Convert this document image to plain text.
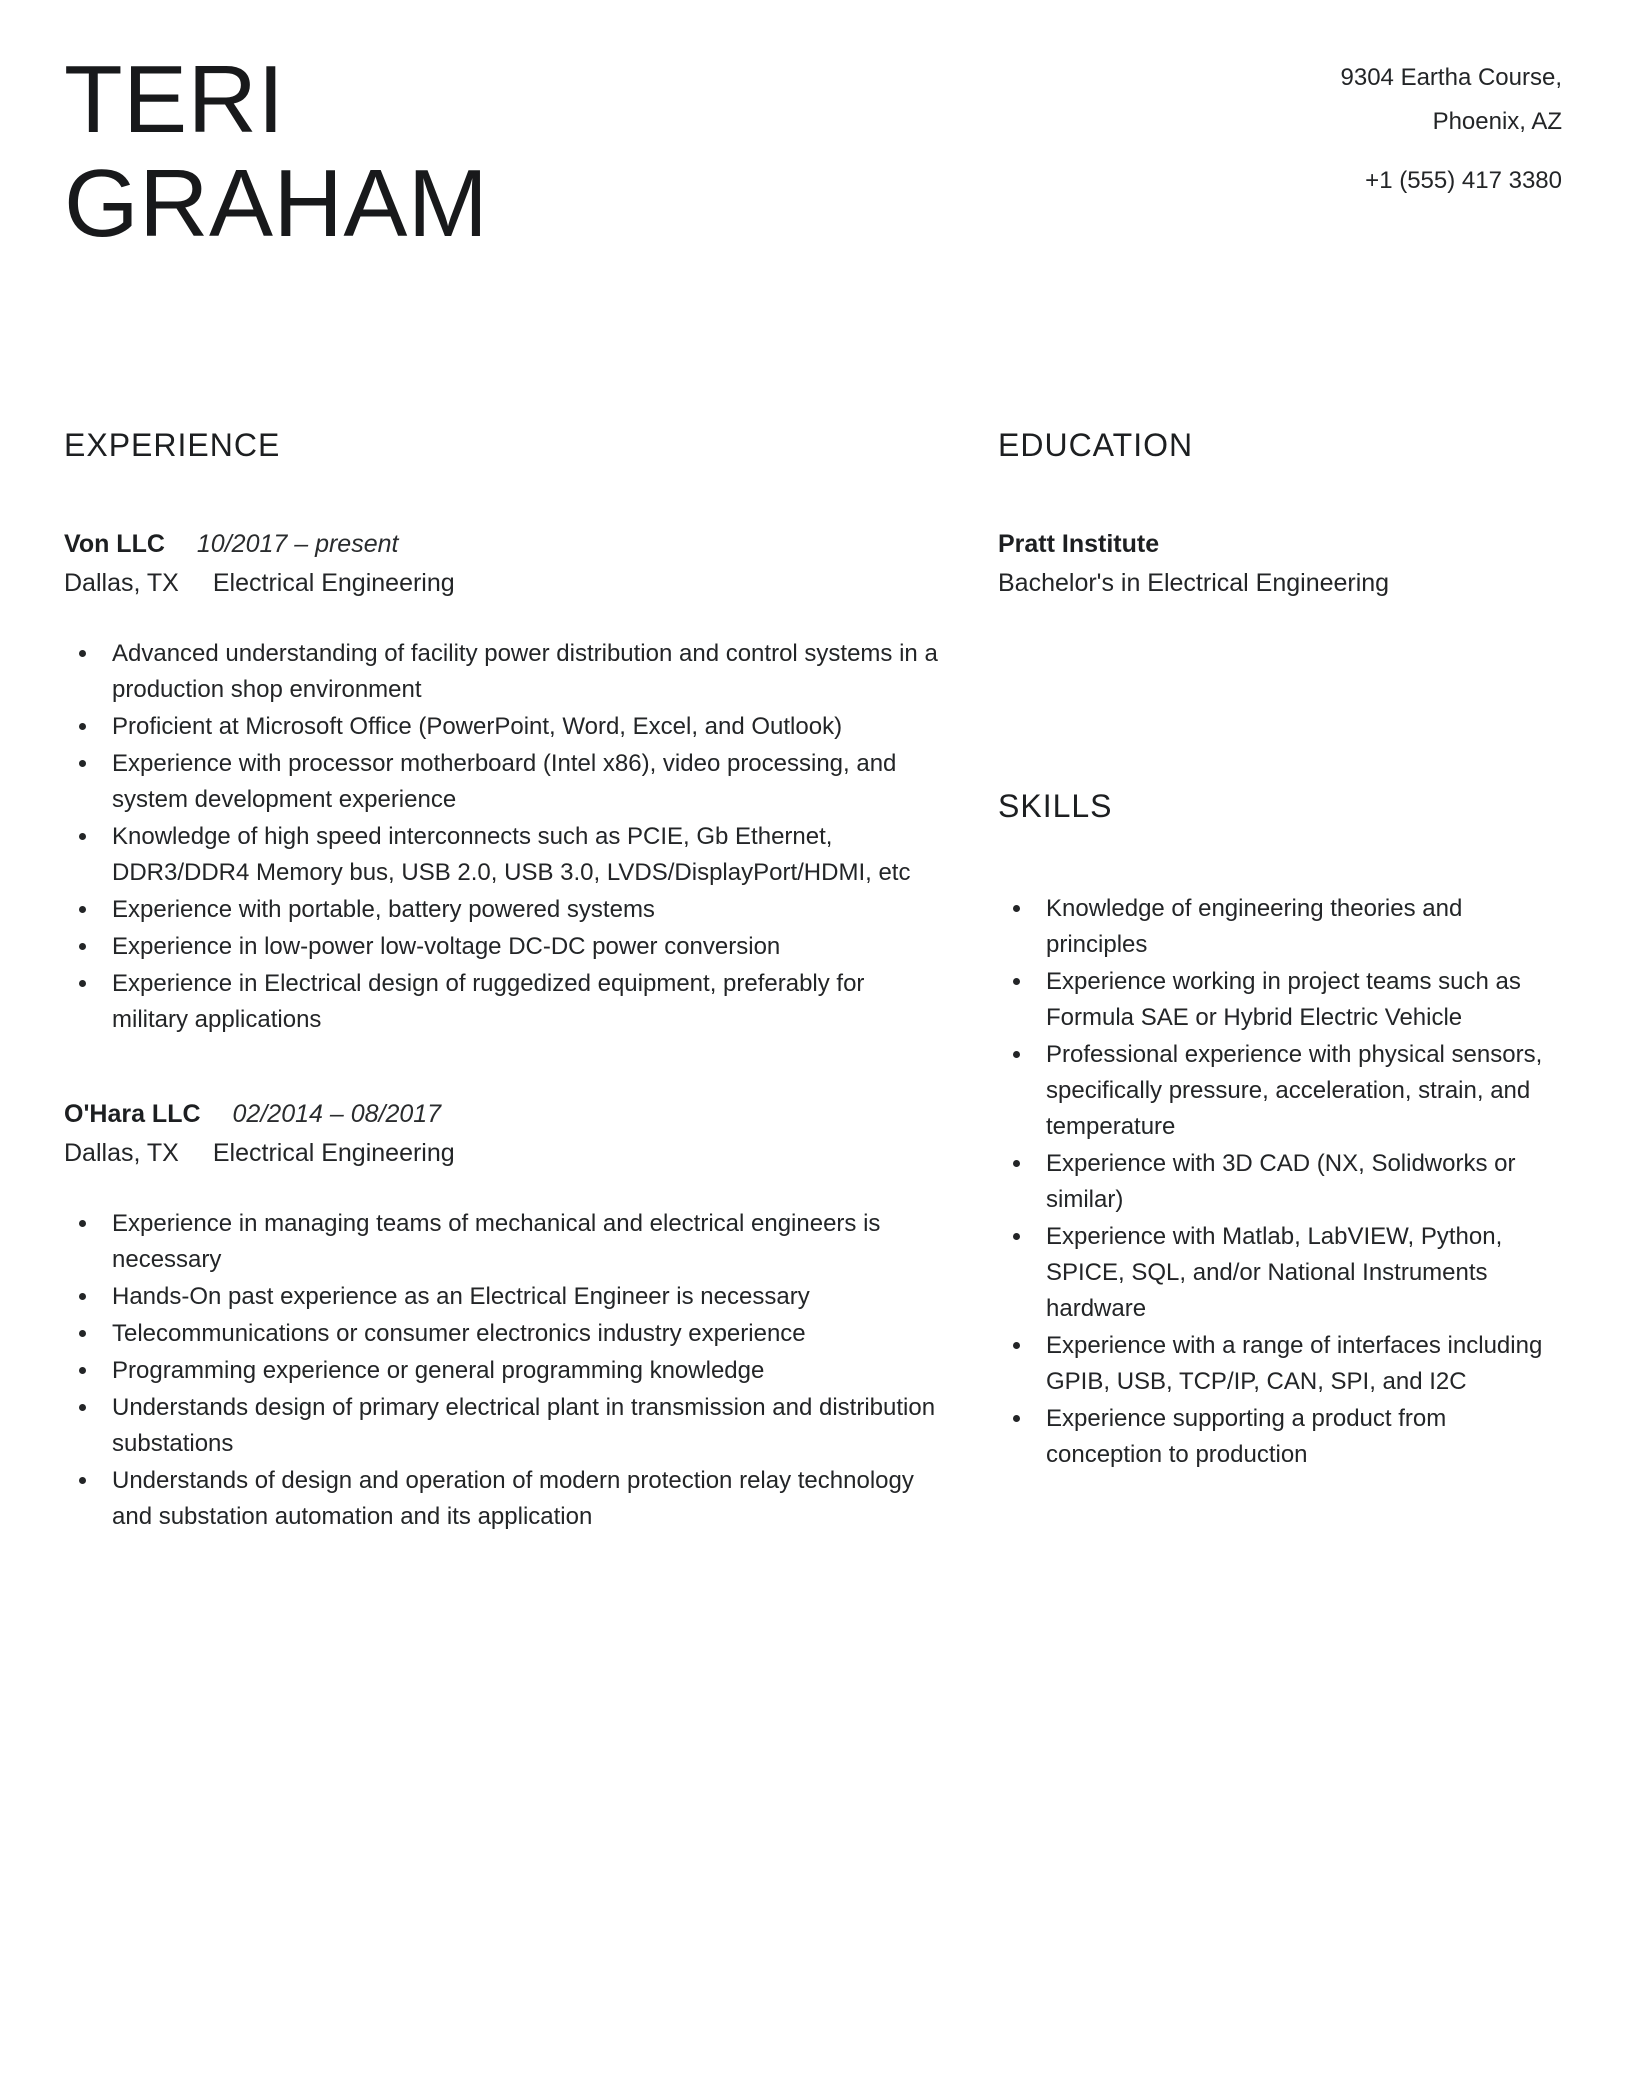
TERI
GRAHAM
9304 Eartha Course,
Phoenix, AZ
+1 (555) 417 3380
EXPERIENCE
Von LLC 10/2017 – present
Dallas, TX Electrical Engineering
• Advanced understanding of facility power distribution and control systems in a production shop environment
• Proficient at Microsoft Office (PowerPoint, Word, Excel, and Outlook)
• Experience with processor motherboard (Intel x86), video processing, and system development experience
• Knowledge of high speed interconnects such as PCIE, Gb Ethernet, DDR3/DDR4 Memory bus, USB 2.0, USB 3.0, LVDS/DisplayPort/HDMI, etc
• Experience with portable, battery powered systems
• Experience in low-power low-voltage DC-DC power conversion
• Experience in Electrical design of ruggedized equipment, preferably for military applications
O'Hara LLC 02/2014 – 08/2017
Dallas, TX Electrical Engineering
• Experience in managing teams of mechanical and electrical engineers is necessary
• Hands-On past experience as an Electrical Engineer is necessary
• Telecommunications or consumer electronics industry experience
• Programming experience or general programming knowledge
• Understands design of primary electrical plant in transmission and distribution substations
• Understands of design and operation of modern protection relay technology and substation automation and its application
EDUCATION
Pratt Institute
Bachelor's in Electrical Engineering
SKILLS
• Knowledge of engineering theories and principles
• Experience working in project teams such as Formula SAE or Hybrid Electric Vehicle
• Professional experience with physical sensors, specifically pressure, acceleration, strain, and temperature
• Experience with 3D CAD (NX, Solidworks or similar)
• Experience with Matlab, LabVIEW, Python, SPICE, SQL, and/or National Instruments hardware
• Experience with a range of interfaces including GPIB, USB, TCP/IP, CAN, SPI, and I2C
• Experience supporting a product from conception to production
